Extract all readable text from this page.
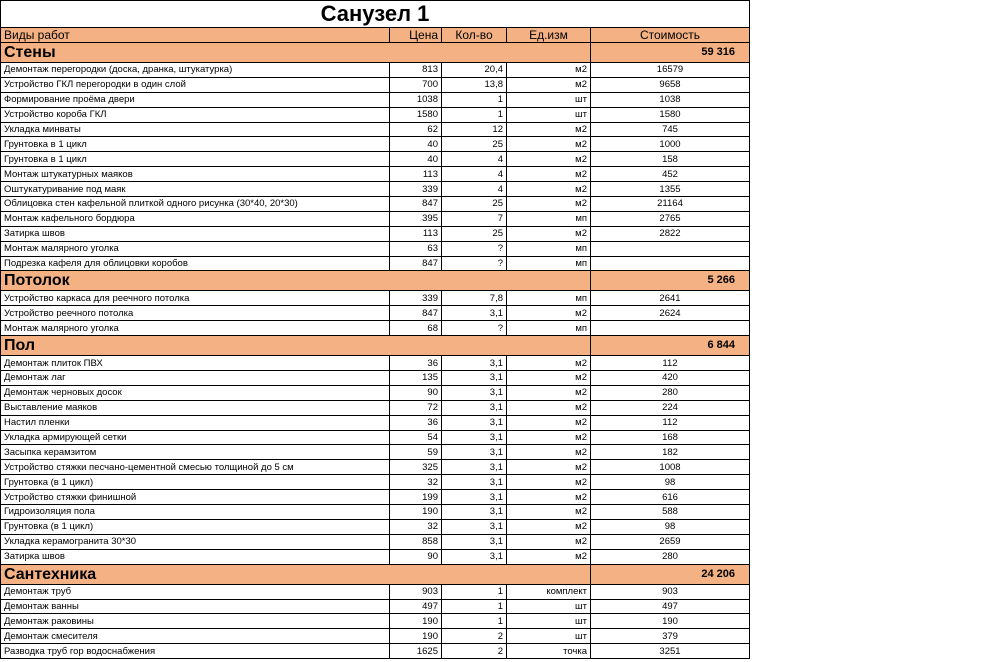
Санузел 1				
Виды работ	Цена	Кол-во	Ед.изм	Стоимость
Стены				59 316
Демонтаж перегородки (доска, дранка, штукатурка)	813	20,4	м2	16579
Устройство ГКЛ перегородки в один слой	700	13,8	м2	9658
Формирование проёма двери	1038	1	шт	1038
Устройство короба ГКЛ	1580	1	шт	1580
Укладка минваты	62	12	м2	745
Грунтовка в 1 цикл	40	25	м2	1000
Грунтовка в 1 цикл	40	4	м2	158
Монтаж штукатурных маяков	113	4	м2	452
Оштукатуривание под маяк	339	4	м2	1355
Облицовка стен кафельной плиткой одного рисунка (30*40, 20*30)	847	25	м2	21164
Монтаж кафельного бордюра	395	7	мп	2765
Затирка швов	113	25	м2	2822
Монтаж малярного уголка	63	?	мп	
Подрезка кафеля для облицовки коробов	847	?	мп	
Потолок				5 266
Устройство каркаса для реечного потолка	339	7,8	мп	2641
Устройство реечного потолка	847	3,1	м2	2624
Монтаж малярного уголка	68	?	мп	
Пол				6 844
Демонтаж плиток ПВХ	36	3,1	м2	112
Демонтаж лаг	135	3,1	м2	420
Демонтаж черновых досок	90	3,1	м2	280
Выставление маяков	72	3,1	м2	224
Настил пленки	36	3,1	м2	112
Укладка армирующей сетки	54	3,1	м2	168
Засыпка керамзитом	59	3,1	м2	182
Устройство стяжки песчано-цементной смесью толщиной до 5 см	325	3,1	м2	1008
Грунтовка (в 1 цикл)	32	3,1	м2	98
Устройство стяжки финишной	199	3,1	м2	616
Гидроизоляция пола	190	3,1	м2	588
Грунтовка (в 1 цикл)	32	3,1	м2	98
Укладка керамогранита 30*30	858	3,1	м2	2659
Затирка швов	90	3,1	м2	280
Сантехника				24 206
Демонтаж труб	903	1	комплект	903
Демонтаж ванны	497	1	шт	497
Демонтаж раковины	190	1	шт	190
Демонтаж смесителя	190	2	шт	379
Разводка труб гор водоснабжения	1625	2	точка	3251
